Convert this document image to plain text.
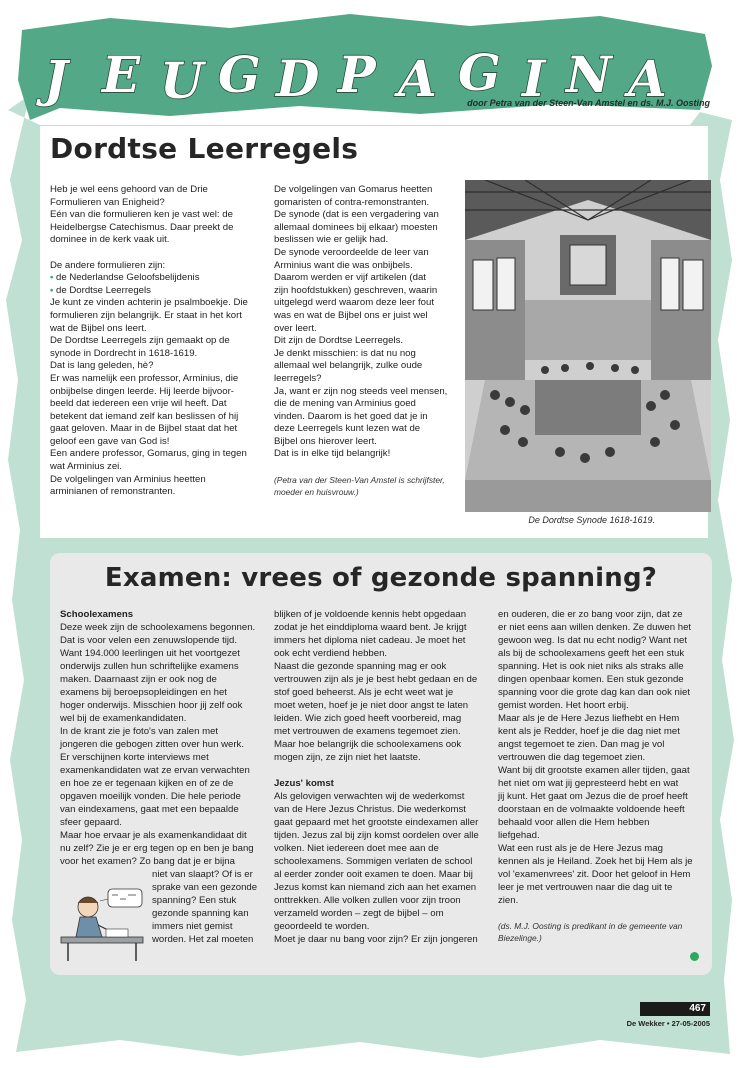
J E U G D P A G I N A
door Petra van der Steen-Van Amstel en ds. M.J. Oosting
Dordtse Leerregels

Heb je wel eens gehoord van de Drie

Formulieren van Enigheid?

Eén van die formulieren ken je vast wel: de

Heidelbergse Catechismus. Daar preekt de

dominee in de kerk vaak uit.

De andere formulieren zijn:

• de Nederlandse Geloofsbelijdenis

• de Dordtse Leerregels

Je kunt ze vinden achterin je psalmboekje. Die

formulieren zijn belangrijk. Er staat in het kort

wat de Bijbel ons leert.

De Dordtse Leerregels zijn gemaakt op de

synode in Dordrecht in 1618-1619.

Dat is lang geleden, hè?

Er was namelijk een professor, Arminius, die

onbijbelse dingen leerde. Hij leerde bijvoor-

beeld dat iedereen een vrije wil heeft. Dat

betekent dat iemand zelf kan beslissen of hij

gaat geloven. Maar in de Bijbel staat dat het

geloof een gave van God is!

Een andere professor, Gomarus, ging in tegen

wat Arminius zei.

De volgelingen van Arminius heetten

arminianen of remonstranten.

De volgelingen van Gomarus heetten

gomaristen of contra-remonstranten.

De synode (dat is een vergadering van

allemaal dominees bij elkaar) moesten

beslissen wie er gelijk had.

De synode veroordeelde de leer van

Arminius want die was onbijbels.

Daarom werden er vijf artikelen (dat

zijn hoofdstukken) geschreven, waarin

uitgelegd werd waarom deze leer fout

was en wat de Bijbel ons er juist wel

over leert.

Dit zijn de Dordtse Leerregels.

Je denkt misschien: is dat nu nog

allemaal wel belangrijk, zulke oude

leerregels?

Ja, want er zijn nog steeds veel mensen,

die de mening van Arminius goed

vinden. Daarom is het goed dat je in

deze Leerregels kunt lezen wat de

Bijbel ons hierover leert.

Dat is in elke tijd belangrijk!

(Petra van der Steen-Van Amstel is schrijfster,

moeder en huisvrouw.)

De Dordtse Synode 1618-1619.
Examen: vrees of gezonde spanning?

Schoolexamens

Deze week zijn de schoolexamens begonnen.

Dat is voor velen een zenuwslopende tijd.

Want 194.000 leerlingen uit het voortgezet

onderwijs zullen hun schriftelijke examens

maken. Daarnaast zijn er ook nog de

examens bij beroepsopleidingen en het

hoger onderwijs. Misschien hoor jij zelf ook

wel bij de examenkandidaten.

In de krant zie je foto's van zalen met

jongeren die gebogen zitten over hun werk.

Er verschijnen korte interviews met

examenkandidaten wat ze ervan verwachten

en hoe ze er tegenaan kijken en of ze de

opgaven moeilijk vonden. Die hele periode

van eindexamens, gaat met een bepaalde

sfeer gepaard.

Maar hoe ervaar je als examenkandidaat dit

nu zelf? Zie je er erg tegen op en ben je bang

voor het examen? Zo bang dat je er bijna

niet van slaapt? Of is er

sprake van een gezonde

spanning? Een stuk

gezonde spanning kan

immers niet gemist

worden. Het zal moeten

blijken of je voldoende kennis hebt opgedaan

zodat je het einddiploma waard bent. Je krijgt

immers het diploma niet cadeau. Je moet het

ook echt verdiend hebben.

Naast die gezonde spanning mag er ook

vertrouwen zijn als je je best hebt gedaan en de

stof goed beheerst. Als je echt weet wat je

moet weten, hoef je je niet door angst te laten

leiden. Wie zich goed heeft voorbereid, mag

met vertrouwen de examens tegemoet zien.

Maar hoe belangrijk die schoolexamens ook

mogen zijn, ze zijn niet het laatste.

Jezus' komst

Als gelovigen verwachten wij de wederkomst

van de Here Jezus Christus. Die wederkomst

gaat gepaard met het grootste eindexamen aller

tijden. Jezus zal bij zijn komst oordelen over alle

volken. Niet iedereen doet mee aan de

schoolexamens. Sommigen verlaten de school

al eerder zonder ooit examen te doen. Maar bij

Jezus komst kan niemand zich aan het examen

onttrekken. Alle volken zullen voor zijn troon

verzameld worden – zegt de bijbel – om

geoordeeld te worden.

Moet je daar nu bang voor zijn? Er zijn jongeren

en ouderen, die er zo bang voor zijn, dat ze

er niet eens aan willen denken. Ze duwen het

gewoon weg. Is dat nu echt nodig? Want net

als bij de schoolexamens geeft het een stuk

spanning. Het is ook niet niks als straks alle

dingen openbaar komen. Een stuk gezonde

spanning voor die grote dag kan dan ook niet

gemist worden. Het hoort erbij.

Maar als je de Here Jezus liefhebt en Hem

kent als je Redder, hoef je die dag niet met

angst tegemoet te zien. Dan mag je vol

vertrouwen die dag tegemoet zien.

Want bij dit grootste examen aller tijden, gaat

het niet om wat jij gepresteerd hebt en wat

jij kunt. Het gaat om Jezus die de proef heeft

doorstaan en de volmaakte voldoende heeft

behaald voor allen die Hem hebben

liefgehad.

Wat een rust als je de Here Jezus mag

kennen als je Heiland. Zoek het bij Hem als je

vol 'examenvrees' zit. Door het geloof in Hem

leer je met vertrouwen naar die dag uit te

zien.

(ds. M.J. Oosting is predikant in de gemeente van

Biezelinge.)

467
De Wekker • 27-05-2005
